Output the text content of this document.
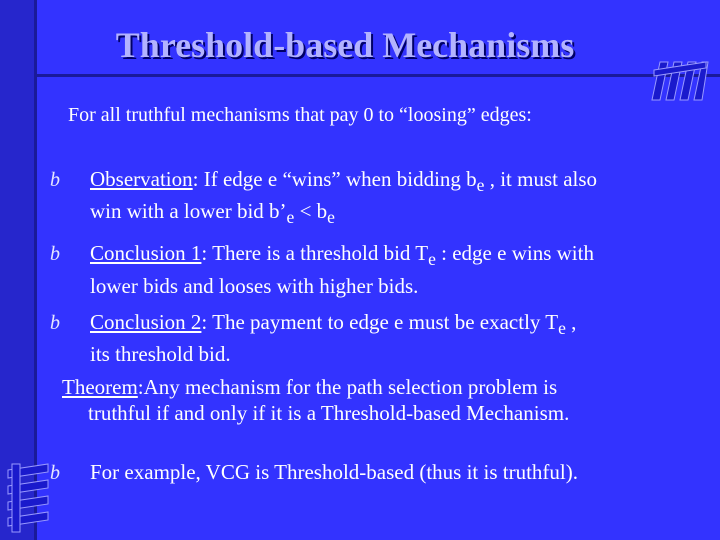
Threshold-based Mechanisms
For all truthful mechanisms that pay 0 to “loosing” edges:
b Observation: If edge e “wins” when bidding $b_e$ , it must also
win with a lower bid $b’_e < b_e$
b Conclusion 1: There is a threshold bid $T_e$ : edge e wins with
lower bids and looses with higher bids.
b Conclusion 2: The payment to edge e must be exactly $T_e$ ,
its threshold bid.
Theorem:Any mechanism for the path selection problem is
truthful if and only if it is a Threshold-based Mechanism.
b For example, VCG is Threshold-based (thus it is truthful).
